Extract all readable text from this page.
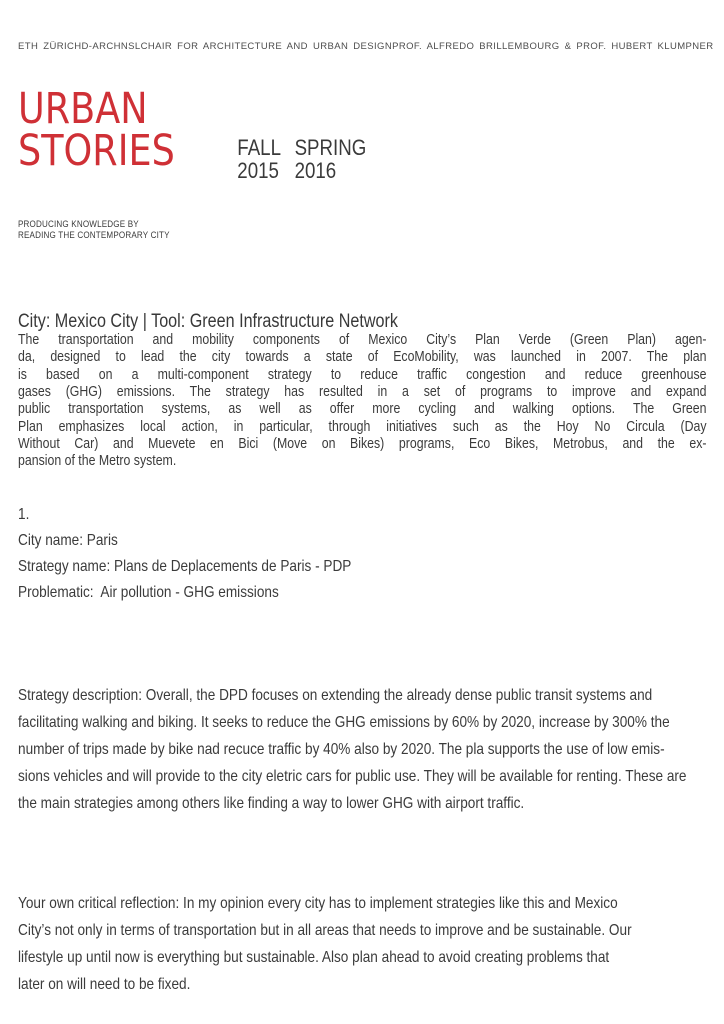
ETH ZÜRICH D-ARCH NSL CHAIR FOR ARCHITECTURE AND URBAN DESIGN PROF. ALFREDO BRILLEMBOURG & PROF. HUBERT KLUMPNER
URBAN
STORIES	FALL SPRING
2015 2016
PRODUCING KNOWLEDGE BY
READING THE CONTEMPORARY CITY
City: Mexico City | Tool: Green Infrastructure Network
The transportation and mobility components of Mexico City’s Plan Verde (Green Plan) agen-
da, designed to lead the city towards a state of EcoMobility, was launched in 2007. The plan
is based on a multi-component strategy to reduce traffic congestion and reduce greenhouse
gases (GHG) emissions. The strategy has resulted in a set of programs to improve and expand
public transportation systems, as well as offer more cycling and walking options. The Green
Plan emphasizes local action, in particular, through initiatives such as the Hoy No Circula (Day
Without Car) and Muevete en Bici (Move on Bikes) programs, Eco Bikes, Metrobus, and the ex-
pansion of the Metro system.
1.
City name: Paris
Strategy name: Plans de Deplacements de Paris - PDP
Problematic:  Air pollution - GHG emissions
Strategy description: Overall, the DPD focuses on extending the already dense public transit systems and
facilitating walking and biking. It seeks to reduce the GHG emissions by 60% by 2020, increase by 300% the
number of trips made by bike nad recuce traffic by 40% also by 2020. The pla supports the use of low emis-
sions vehicles and will provide to the city eletric cars for public use. They will be available for renting. These are
the main strategies among others like finding a way to lower GHG with airport traffic.
Your own critical reflection: In my opinion every city has to implement strategies like this and Mexico
City’s not only in terms of transportation but in all areas that needs to improve and be sustainable. Our
lifestyle up until now is everything but sustainable. Also plan ahead to avoid creating problems that
later on will need to be fixed.
